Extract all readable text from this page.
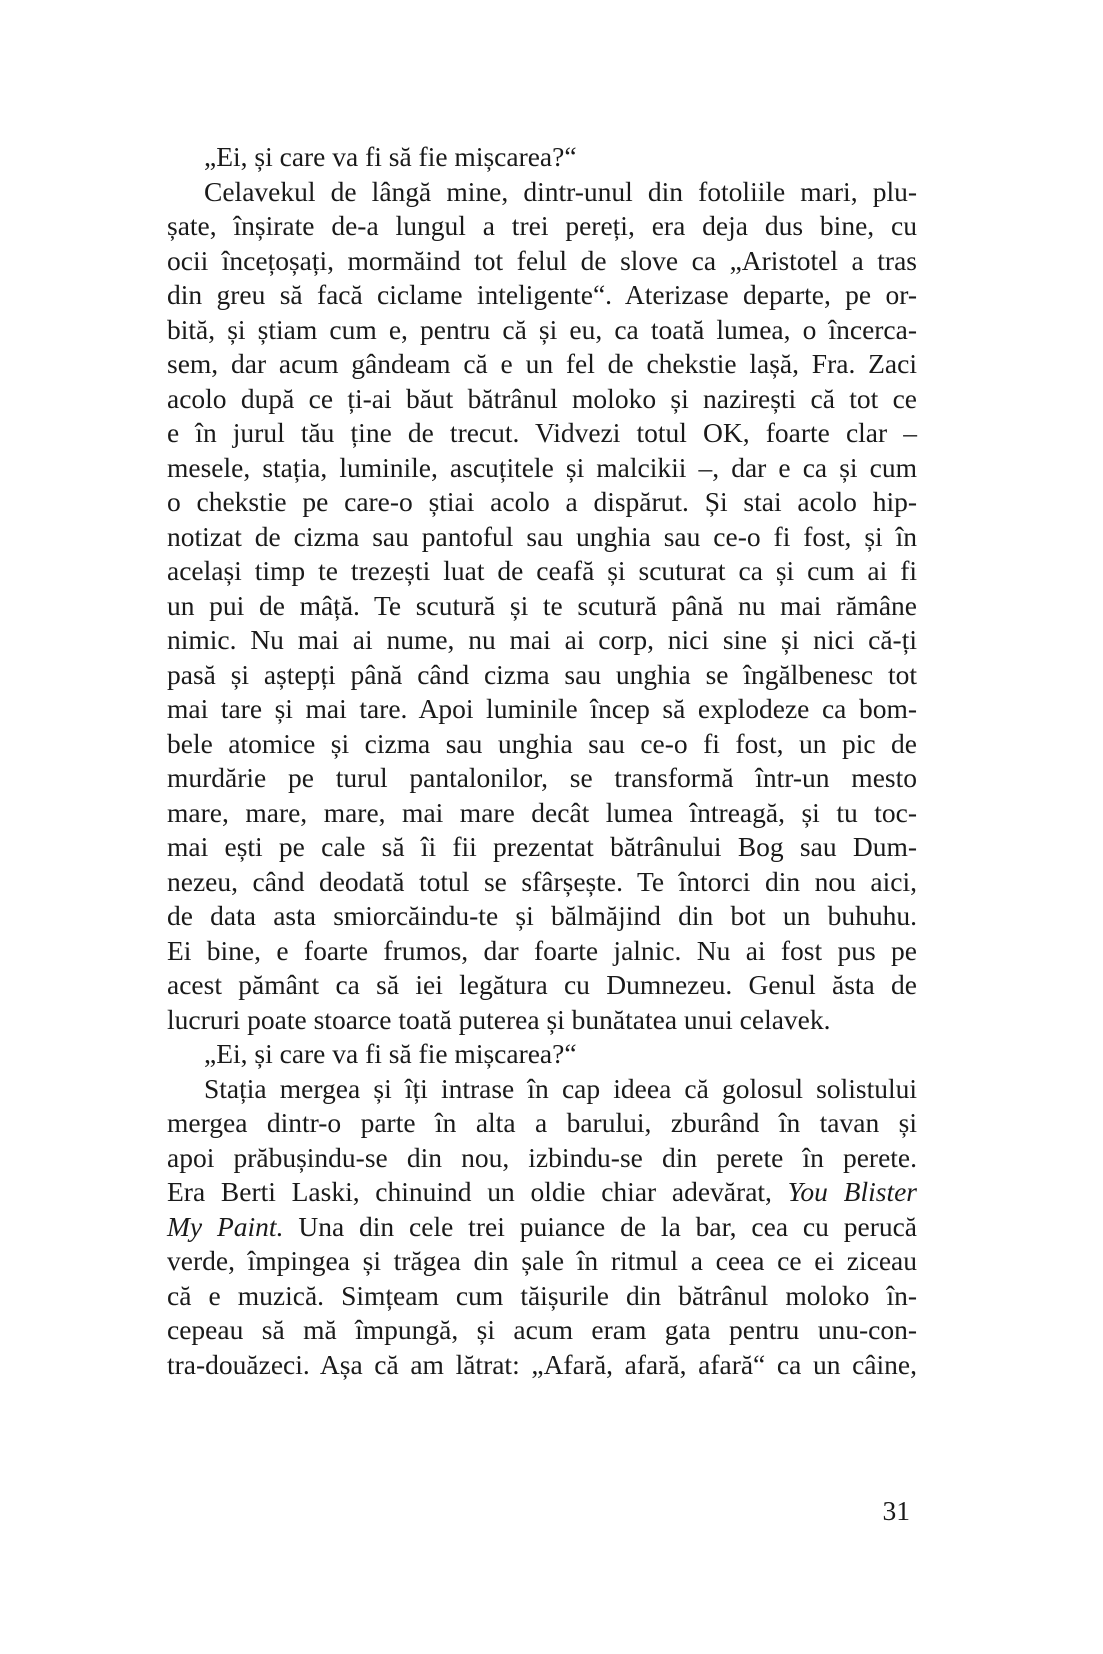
„Ei, și care va fi să fie mișcarea?“
Celavekul de lângă mine, dintr-unul din fotoliile mari, plu-
șate, înșirate de-a lungul a trei pereți, era deja dus bine, cu
ocii încețoșați, mormăind tot felul de slove ca „Aristotel a tras
din greu să facă ciclame inteligente“. Aterizase departe, pe or-
bită, și știam cum e, pentru că și eu, ca toată lumea, o încerca-
sem, dar acum gândeam că e un fel de chekstie lașă, Fra. Zaci
acolo după ce ți-ai băut bătrânul moloko și nazirești că tot ce
e în jurul tău ține de trecut. Vidvezi totul OK, foarte clar –
mesele, stația, luminile, ascuțitele și malcikii –, dar e ca și cum
o chekstie pe care-o știai acolo a dispărut. Și stai acolo hip-
notizat de cizma sau pantoful sau unghia sau ce-o fi fost, și în
același timp te trezești luat de ceafă și scuturat ca și cum ai fi
un pui de mâță. Te scutură și te scutură până nu mai rămâne
nimic. Nu mai ai nume, nu mai ai corp, nici sine și nici că-ți
pasă și aștepți până când cizma sau unghia se îngălbenesc tot
mai tare și mai tare. Apoi luminile încep să explodeze ca bom-
bele atomice și cizma sau unghia sau ce-o fi fost, un pic de
murdărie pe turul pantalonilor, se transformă într-un mesto
mare, mare, mare, mai mare decât lumea întreagă, și tu toc-
mai ești pe cale să îi fii prezentat bătrânului Bog sau Dum-
nezeu, când deodată totul se sfârșește. Te întorci din nou aici,
de data asta smiorcăindu-te și bălmăjind din bot un buhuhu.
Ei bine, e foarte frumos, dar foarte jalnic. Nu ai fost pus pe
acest pământ ca să iei legătura cu Dumnezeu. Genul ăsta de
lucruri poate stoarce toată puterea și bunătatea unui celavek.
„Ei, și care va fi să fie mișcarea?“
Stația mergea și îți intrase în cap ideea că golosul solistului
mergea dintr-o parte în alta a barului, zburând în tavan și
apoi prăbușindu-se din nou, izbindu-se din perete în perete.
Era Berti Laski, chinuind un oldie chiar adevărat, You Blister
My Paint. Una din cele trei puiance de la bar, cea cu perucă
verde, împingea și trăgea din șale în ritmul a ceea ce ei ziceau
că e muzică. Simțeam cum tăișurile din bătrânul moloko în-
cepeau să mă împungă, și acum eram gata pentru unu-con-
tra-douăzeci. Așa că am lătrat: „Afară, afară, afară“ ca un câine,
31
